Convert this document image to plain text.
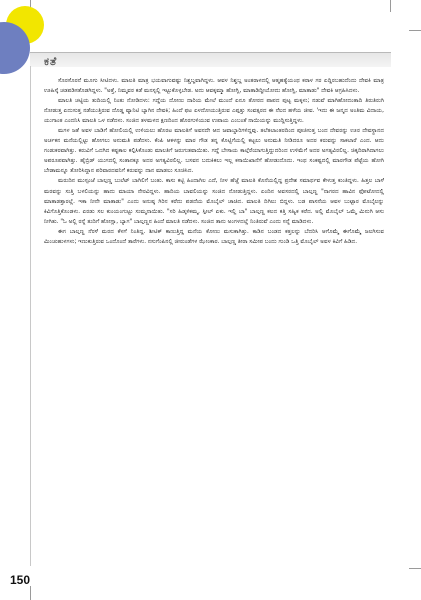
ಕತೆ

ಸೊರಸೊರನೆ ಮೂಗು ಸೀಟಿದಳು. ಮಾಲತಿ ಮಾತ್ರ ಭಯವಾಗುವಷ್ಟು ನಿಶ್ಚಬ್ದವಾಗಿದ್ದಳು. ಆವಳ ನಿಶ್ಚಬ್ದ ಅಂತರಾಳದಲ್ಲಿ ಆತ್ಮಹತ್ಯೆಯಂಥ ಕರಾಳ ಗರ ಏದ್ದಿರಬಹುದೆಂದು ದೇವಕಿ ಮಾತ್ರ ಊಹಿಸ್ಕೆ ಚಡಪಡಿಸತೊಡಗಿದ್ದಳು. "ಅತ್ತೆ, ನಿಮ್ಮವರ ಕಡೆ ಮನಸ್ಸಲ್ಲಿ ಇಟ್ಟುಕೊಳ್ಳಬೇಡ. ಅದು ಆವಕ್ಕಮ್ಮಾ ಹೋಗ್ಲಿ, ಮಾತಾಡಿದ್ದೀಯೋದು ಹೋಗ್ಲಿ, ಮಾತಾಡು" ದೇವಕಿ ಆಗ್ರಹಿಸಿದಳು.

ಮಾಲತಿ ಚಟ್ಟಿಯ ತುದಿಯಲ್ಲಿ ನಿಂತು ನೋಡಿದಳು: ಗದ್ದೆಯ ದೋಣು ದಾರಿಯ ಮೇಲೆ ಮುಂದೆ ಏನೂ ತೋರದ ಪಾಪದ ಪುಟ್ಟ ಮಕ್ಕಳು; ನಡುವೆ ಮಾಗಿಹೋದಂತಾದಿ ತಿರುತಿರುಗಿ ನೋಡುತ್ತ ಏದುಸುತ್ತ ನಡೆಯುತ್ತಿರುವ ದೊಡ್ಡ ವ್ಯಾನಿಟಿ ಬ್ಯಾಗಿನ ದೇವಕಿ; ಹಿಂದೆ ಫಟ ಏಳದೋಯುತ್ತಿರುವ ಎಪ್ಪತ್ತು ಸಂವತ್ಸರದ ಈ ನೆಲದ ಹಳೆಯ ಜೀವ. 'ಇದು ಈ ಜನ್ಮದ ಅಂತಿಮ ವಿದಾಯ, ಯುಗಾಂತ ಎಂದನಿಸಿ ಮಾಲತಿ ಒಳ ನಡೆದಳು. ಸಂಜಿದ ತಳಮಳದ ಕ್ಷಣದಿಂದ ಹೊರಗುಳಿಯುವ ಉಪಾಯ ಎಂಬಂತೆ ನಾಯಿಯನ್ನು ಮುದ್ದಿಸುತ್ತಿದ್ದಳು.

ಮಗಳ ಜತೆ ಅವಳ ಬಾಡಿಗೆ ಹೋಲಿಯಲ್ಲಿ ಉಳಿಯಲು ಹೊರಟ ಮಾಲತಿಗೆ ಅವನದೇ ಆದ ಜವಾಬ್ದಾರಿಗಳಿದ್ದವು. ತಲೆತಲಾಂತರದಿಂದ ಪೂಜಿಸುತ್ತ ಬಂದ ದೇವರನ್ನು ಊರ ದೇವಸ್ಥಾನದ ಅರ್ಚಕನ ಮನೆಯಲ್ಲಿಟ್ಟು ಹೋಗಲು ಅನುಮತಿ ಪಡೆದಳು. ಕೆಂಪಿ ಆಕಳನ್ನು ಮಾರ ಗೌಡ ತನ್ನ ಕೊಟ್ಟಿಗೆಯಲ್ಲಿ ಕಟ್ಟಲು ಅನುಮತಿ ನೀಡಿದರೂ ಅದರ ಕರುವನ್ನು ಸಾಕಲಾರೆ ಎಂದ. ಆದು ಗಂಡುಕರವಾಗಿತ್ತು. ಕರುವಿಗೆ ಒದಗಿದ ಕಷ್ಟಕಾಲ ಕಲ್ಪಿಸಿಕೊಂಡು ಮಾಲತಿಗೆ ಜರುಗುತವಾಯಿತು. ಗದ್ದೆ ಬೇಸಾಯ ಕಾಲ್ಗೆರೆಯಾಗುತ್ತಿದ್ದುದರಿಂದ ಉಳಿಮೆಗೆ ಅದರ ಅಗತ್ಯವಿರಲಿಲ್ಲ. ಚಿಕ್ಕದಿರಾಗಿದಾಗಲು ಅಪರೂಪವಾಗಿತ್ತು. ಹೈಬ್ರಿಡ್ ಯುಗದಲ್ಲಿ ಸಂತಾನಕ್ಕೂ ಅದರ ಅಗತ್ಯವಿರಲಿಲ್ಲ. ಬಸವನ ಬದುಕಿಕಲು ಇಲ್ಲ ಕಸಾಯಿಖಾನೆಗೆ ಹೋಡುದೊದು. ಇಂಥ ಸಂಕಷ್ಟದಲ್ಲಿ ಮಾರಗೌಡ ಪೆಟ್ಟೆಯ ಹೋಗಿ ಬೇಡಾಮನ್ನೂ ತೋರಿಸಿದ್ದಾನ ಪರಿವಾರದವನಿಗೆ ಕರುವನ್ನು ದಾನ ಮಾಡಲು ಸೂಚಿಸಿದ.

ಮರುದಿನ ಮುಸ್ಸಂಜೆ ಬಾಲ್ಗಣ್ಣ ಬುಲೆಟ್ ಬಾಗಿಲಿಗೆ ಬಂತು. ಕಾಸು ಕಟ್ಟಿ ಹಿಂದಾಗಿಲ ಎದೆ, ನೀಳ ಹೆಜ್ಜೆ ಮಾಲತಿ ಕೊನೆಯಲ್ಲಿದ್ದ ಪ್ರದೇಶ ಸಮಾರ್ಥವ ಕೇಳುತ್ತ ಕುಂತಿದ್ದಳು. ಹಿತ್ತಲ ಬಾಳೆ ಮರವನ್ನು ಸುತ್ತಿ ಬಳಲಿಯನ್ನು ಹಾದು ಮಾಯಾ ನೇರವಿದ್ದಳು. ಹಾದಿಯ ಬಾವಲಿಯನ್ನು ಸಂಜಿದ ನೋಡುತ್ತಿದ್ದಳು. ಏಂದಿನ ಅವಸರದಲ್ಲಿ ಬಾಲ್ಗಣ್ಣ "ನಾಗರದ ಹಾವಿನ ಫೋಟೋದಲ್ಲಿ ಮಾತಾಡತ್ತಾರಲ್ಲೆ. ಇಕಾ ನೀನೇ ಮಾತಾಡು" ಎಂದು ಅನುಷ್ಠ ಗಿರಿನ ಕರೆದು ಪಡದೆಯ ಮೊಬೈಲ್ ಚಾಚಿದ. ಮಾಲತಿ ದಿಗಿಲು ಬಿದ್ದಳು. ಬಡ ಪಾಸನೆಯ ಆವಳ ಬುಟ್ಟಾರ ಮೊಬೈಲನ್ನು ಕಿವಿಗೊತ್ತಿಕೊಂಡಳು. ಏರಡು ಸಲ ಕುಂಯಂಗುಟ್ಟು ಸುಮ್ಮನಾಯಿತು. "ಸರಿ ಹಿಡ್ಕಳಿಕಮ್ಮ. ಸ್ಪೀಲ್ ಏಕು. ಇಲ್ಲಿ ಬಾ" ಬಾಲ್ಗಣ್ಣ ಕಲದ ಕತ್ತಿ ಸಹ್ಯಿಕ ಕರೆದ. ಅಲ್ಲಿ ಮೊಬೈಲ್ ಒಮ್ಮೆ ಮಿನುಗಿ ಆಸು ನೀಗಿತು. "ಓ ಅಲ್ಲಿ ರನ್ನೆ ತುದಿಗೆ ಹೋಗ್ಲಾ, ಬ್ಯಾಗ" ಬಾಲ್ಗಣ್ಣನ ಹಿಂದೆ ಮಾಲತಿ ನಡೆದಳು. ಸಂಜಿದ ತಾನು ಅಂಗಳದಲ್ಲೆ ನಿಂತಿರುವೆ ಎಂದು ಸನ್ನೆ ಮಾಡಿದಳು.

ಈಗ ಬಾಲ್ಗಣ್ಣ ನೆರಳೆ ಮರದ ಕೆಳಗೆ ನಿಂತಿದ್ದ. ಶೀಟಿಕ್ ಕಾಣುತ್ತಿದ್ದ ಮನೆಯ ಕೋಣು ಮಸುಕಾಗಿತ್ತು. ಕಾಡಿನ ಬಂಡದ ಕತ್ತಲನ್ನು ಬೆದರಿಸಿ ಆಗೊಮ್ಮೆ ಈಗೊಮ್ಮೆ ಜಲಗಿಸುವ ಮಿಂಚುಹುಳಗಳು; ಇಣುಕುತ್ತಿರುವ ಒಂದೊಂದೆ ತಾರೆಗಳು. ನಸುಗೆಂಪಿನಲ್ಲಿ ಜೀರುಂಡೆಗಳ ಝೇಂಕಾರ. ಬಾಲ್ಗಣ್ಣ ತೀರಾ ಸಮೀಪ ಬಂದು ಗುಂಡಿ ಒತ್ತಿ ಮೊಬೈಲ್ ಅವಳ ಕಿವಿಗೆ ಹಿಡಿದ.

150
